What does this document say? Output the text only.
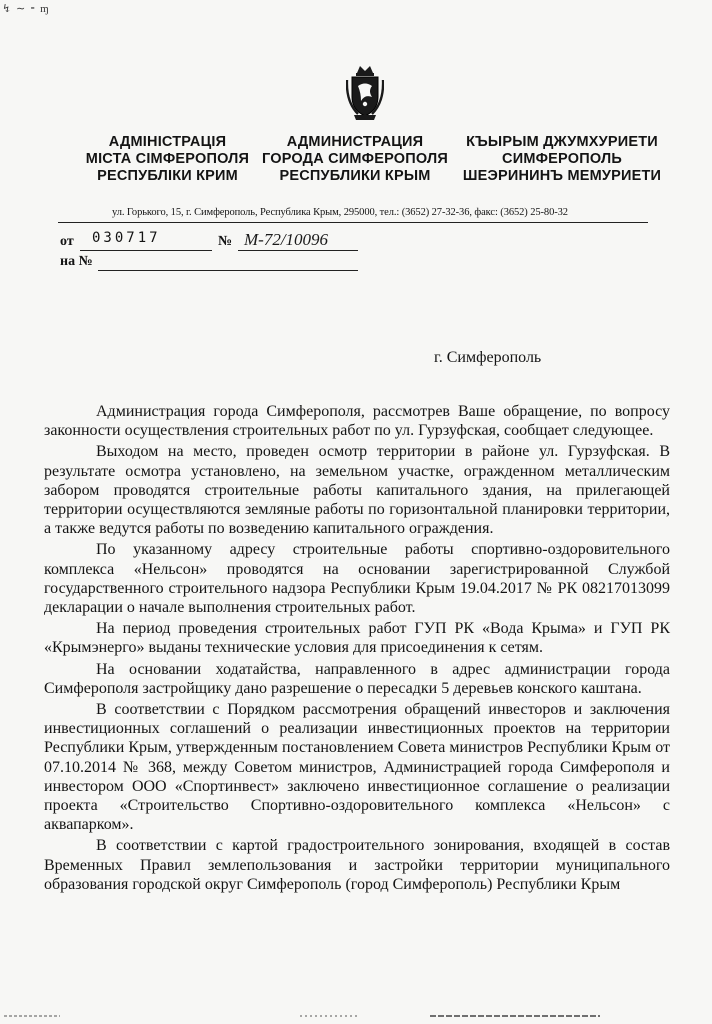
↯ ∼ ⁃ ɱ
АДМІНІСТРАЦІЯ
МІСТА СІМФЕРОПОЛЯ
РЕСПУБЛІКИ КРИМ
АДМИНИСТРАЦИЯ
ГОРОДА СИМФЕРОПОЛЯ
РЕСПУБЛИКИ КРЫМ
КЪЫРЫМ ДЖУМХУРИЕТИ
СИМФЕРОПОЛЬ
ШЕЭРИНИНЪ МЕМУРИЕТИ
ул. Горького, 15, г. Симферополь, Республика Крым, 295000, тел.: (3652) 27-32-36, факс: (3652) 25-80-32
от 030717	№ М-72/10096
на №
г. Симферополь

Администрация города Симферополя, рассмотрев Ваше обращение, по вопросу законности осуществления строительных работ по ул. Гурзуфская, сообщает следующее.

Выходом на место, проведен осмотр территории в районе ул. Гурзуфская. В результате осмотра установлено, на земельном участке, огражденном металлическим забором проводятся строительные работы капитального здания, на прилегающей территории осуществляются земляные работы по горизонтальной планировки территории, а также ведутся работы по возведению капитального ограждения.

По указанному адресу строительные работы спортивно-оздоровительного комплекса «Нельсон» проводятся на основании зарегистрированной Службой государственного строительного надзора Республики Крым 19.04.2017 № РК 08217013099 декларации о начале выполнения строительных работ.

На период проведения строительных работ ГУП РК «Вода Крыма» и ГУП РК «Крымэнерго» выданы технические условия для присоединения к сетям.

На основании ходатайства, направленного в адрес администрации города Симферополя застройщику дано разрешение о пересадки 5 деревьев конского каштана.

В соответствии с Порядком рассмотрения обращений инвесторов и заключения инвестиционных соглашений о реализации инвестиционных проектов на территории Республики Крым, утвержденным постановлением Совета министров Республики Крым от 07.10.2014 № 368, между Советом министров, Администрацией города Симферополя и инвестором ООО «Спортинвест» заключено инвестиционное соглашение о реализации проекта «Строительство Спортивно-оздоровительного комплекса «Нельсон» с аквапарком».

В соответствии с картой градостроительного зонирования, входящей в состав Временных Правил землепользования и застройки территории муниципального образования городской округ Симферополь (город Симферополь) Республики Крым
